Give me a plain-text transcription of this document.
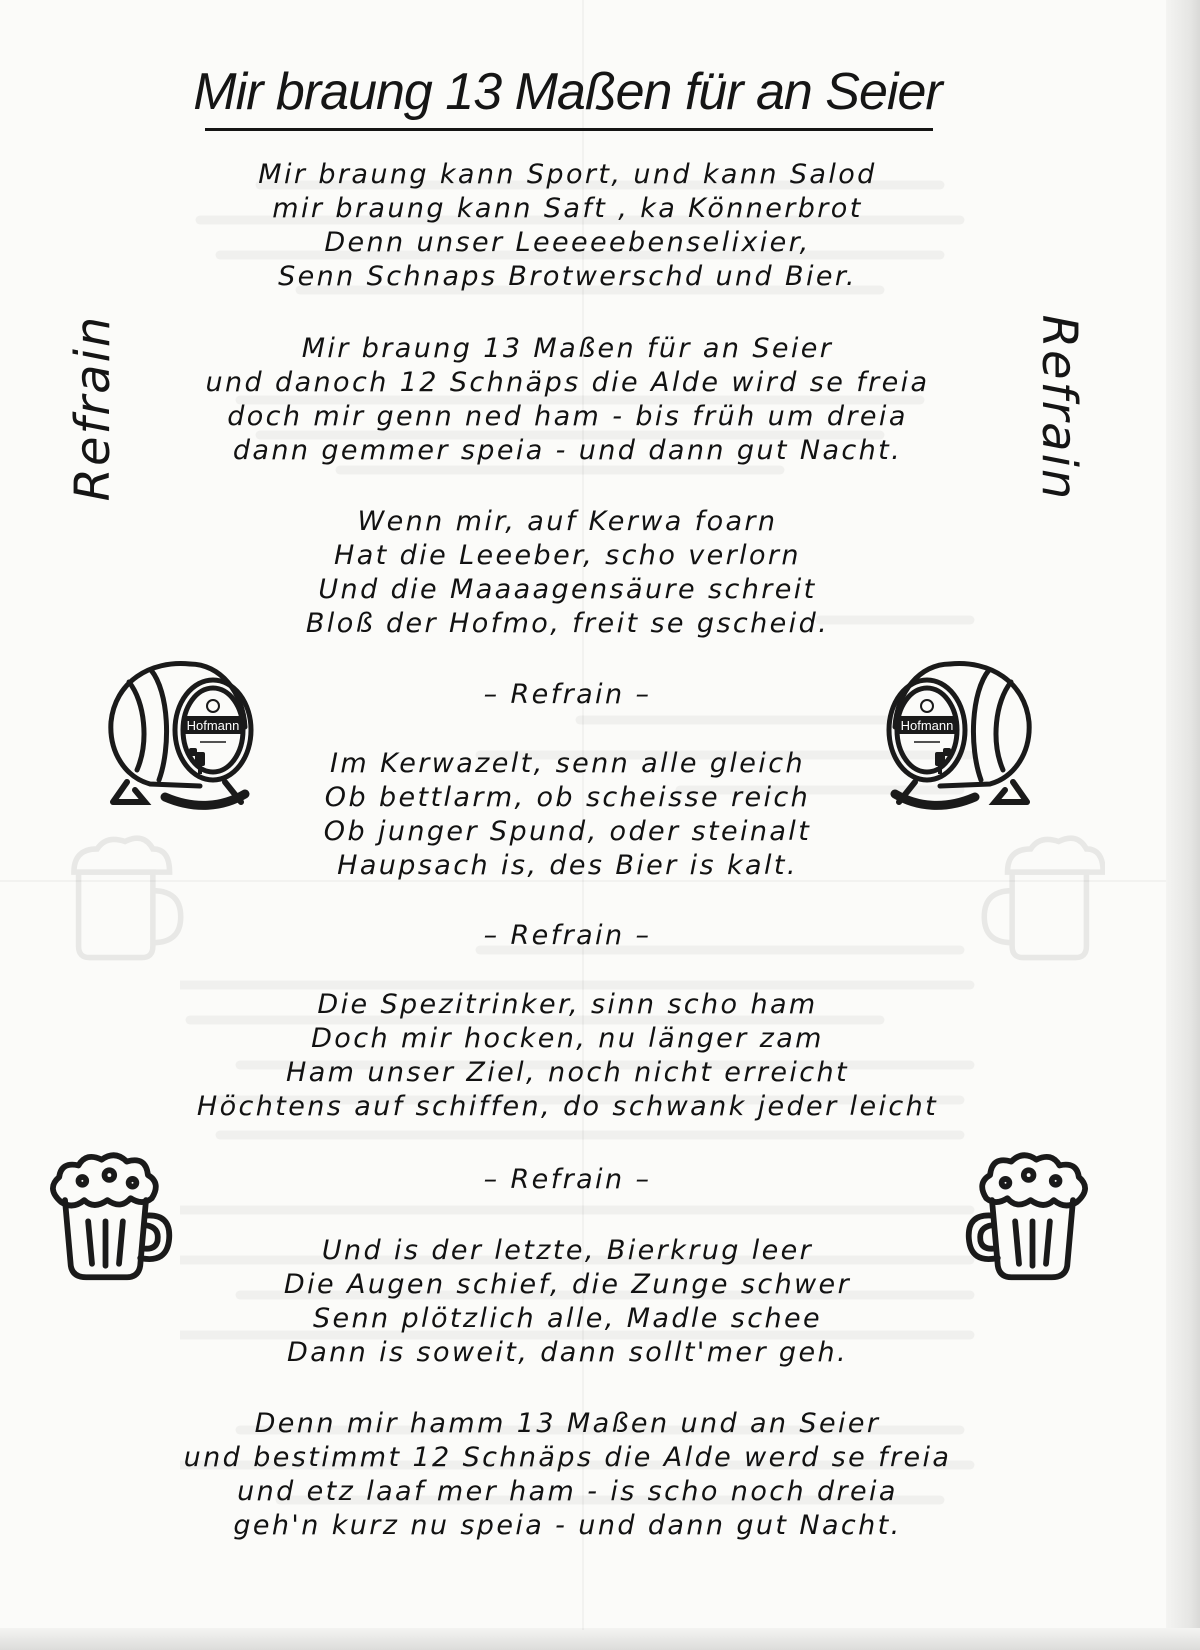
Mir braung 13 Maßen für an Seier
Refrain	Refrain
Mir braung kann Sport, und kann Salod
mir braung kann Saft , ka Könnerbrot
Denn unser Leeeeebenselixier,
Senn Schnaps Brotwerschd und Bier.
Mir braung 13 Maßen für an Seier
und danoch 12 Schnäps die Alde wird se freia
doch mir genn ned ham - bis früh um dreia
dann gemmer speia - und dann gut Nacht.
Wenn mir, auf Kerwa foarn
Hat die Leeeber, scho verlorn
Und die Maaaagensäure schreit
Bloß der Hofmo, freit se gscheid.
– Refrain –
Im Kerwazelt, senn alle gleich
Ob bettlarm, ob scheisse reich
Ob junger Spund, oder steinalt
Haupsach is, des Bier is kalt.
– Refrain –
Die Spezitrinker, sinn scho ham
Doch mir hocken, nu länger zam
Ham unser Ziel, noch nicht erreicht
Höchtens auf schiffen, do schwank jeder leicht
– Refrain –
Und is der letzte, Bierkrug leer
Die Augen schief, die Zunge schwer
Senn plötzlich alle, Madle schee
Dann is soweit, dann sollt'mer geh.
Denn mir hamm 13 Maßen und an Seier
und bestimmt 12 Schnäps die Alde werd se freia
und etz laaf mer ham - is scho noch dreia
geh'n kurz nu speia - und dann gut Nacht.
Hofmann	Hofmann
